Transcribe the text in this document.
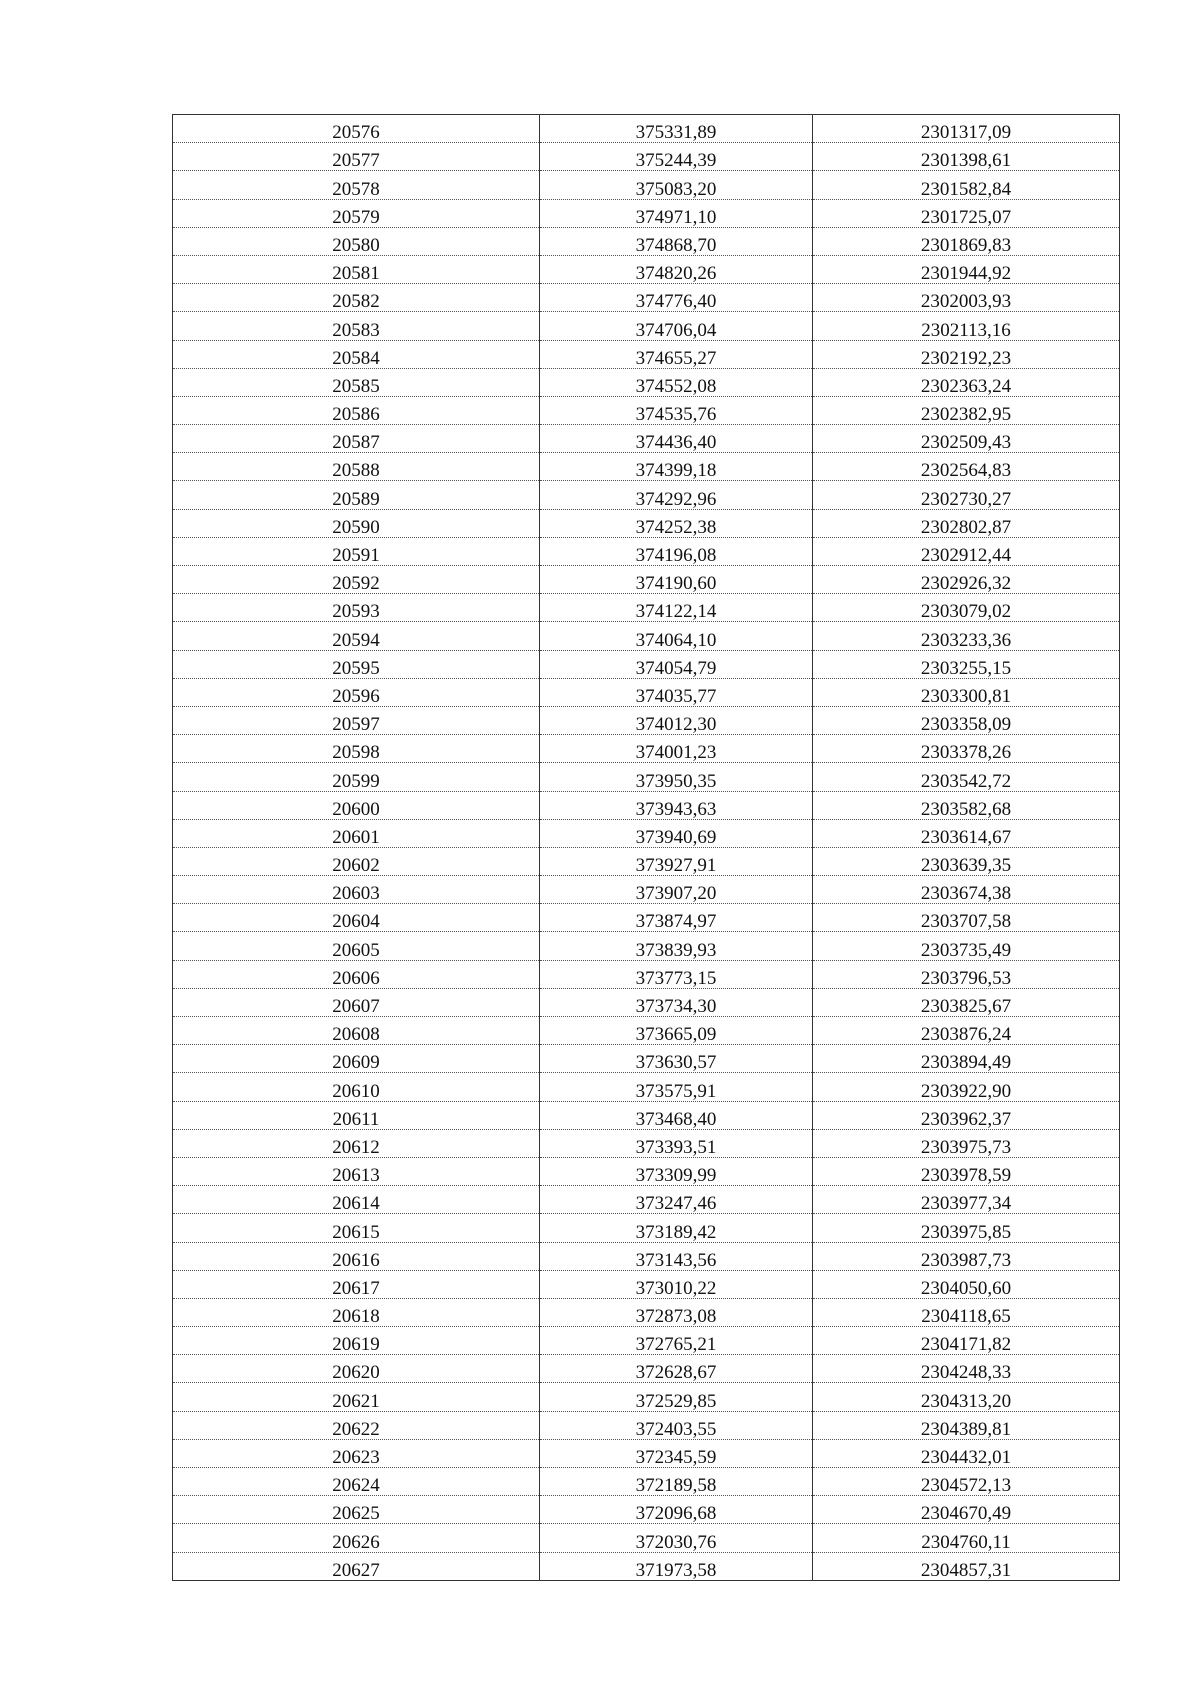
20576	375331,89	2301317,09
20577	375244,39	2301398,61
20578	375083,20	2301582,84
20579	374971,10	2301725,07
20580	374868,70	2301869,83
20581	374820,26	2301944,92
20582	374776,40	2302003,93
20583	374706,04	2302113,16
20584	374655,27	2302192,23
20585	374552,08	2302363,24
20586	374535,76	2302382,95
20587	374436,40	2302509,43
20588	374399,18	2302564,83
20589	374292,96	2302730,27
20590	374252,38	2302802,87
20591	374196,08	2302912,44
20592	374190,60	2302926,32
20593	374122,14	2303079,02
20594	374064,10	2303233,36
20595	374054,79	2303255,15
20596	374035,77	2303300,81
20597	374012,30	2303358,09
20598	374001,23	2303378,26
20599	373950,35	2303542,72
20600	373943,63	2303582,68
20601	373940,69	2303614,67
20602	373927,91	2303639,35
20603	373907,20	2303674,38
20604	373874,97	2303707,58
20605	373839,93	2303735,49
20606	373773,15	2303796,53
20607	373734,30	2303825,67
20608	373665,09	2303876,24
20609	373630,57	2303894,49
20610	373575,91	2303922,90
20611	373468,40	2303962,37
20612	373393,51	2303975,73
20613	373309,99	2303978,59
20614	373247,46	2303977,34
20615	373189,42	2303975,85
20616	373143,56	2303987,73
20617	373010,22	2304050,60
20618	372873,08	2304118,65
20619	372765,21	2304171,82
20620	372628,67	2304248,33
20621	372529,85	2304313,20
20622	372403,55	2304389,81
20623	372345,59	2304432,01
20624	372189,58	2304572,13
20625	372096,68	2304670,49
20626	372030,76	2304760,11
20627	371973,58	2304857,31
